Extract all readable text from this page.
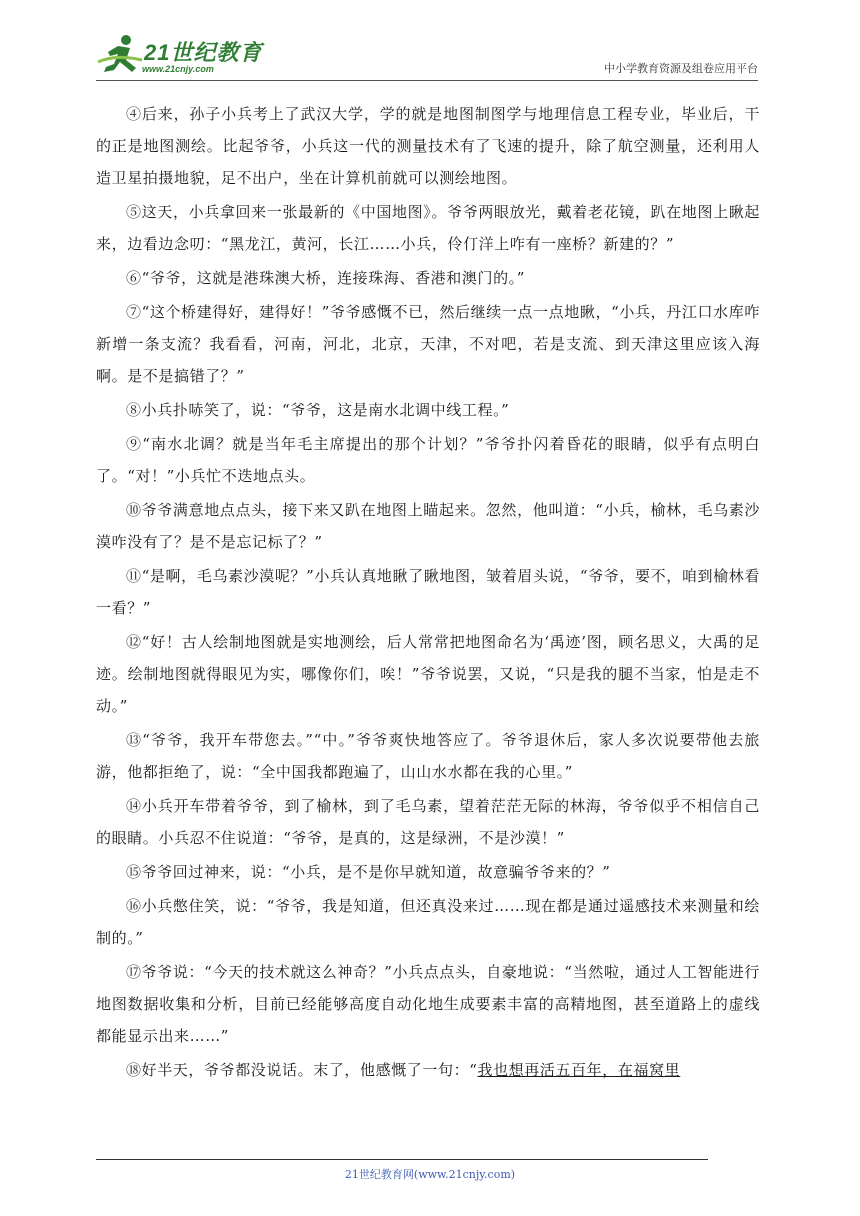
21世纪教育
www.21cnjy.com	中小学教育资源及组卷应用平台

④后来，孙子小兵考上了武汉大学，学的就是地图制图学与地理信息工程专业，毕业后，干的正是地图测绘。比起爷爷，小兵这一代的测量技术有了飞速的提升，除了航空测量，还利用人造卫星拍摄地貌，足不出户，坐在计算机前就可以测绘地图。

⑤这天，小兵拿回来一张最新的《中国地图》。爷爷两眼放光，戴着老花镜，趴在地图上瞅起来，边看边念叨：“黑龙江，黄河，长江……小兵，伶仃洋上咋有一座桥？新建的？”

⑥“爷爷，这就是港珠澳大桥，连接珠海、香港和澳门的。”

⑦“这个桥建得好，建得好！”爷爷感慨不已，然后继续一点一点地瞅，“小兵，丹江口水库咋新增一条支流？我看看，河南，河北，北京，天津，不对吧，若是支流、到天津这里应该入海啊。是不是搞错了？”

⑧小兵扑哧笑了，说：“爷爷，这是南水北调中线工程。”

⑨“南水北调？就是当年毛主席提出的那个计划？”爷爷扑闪着昏花的眼睛，似乎有点明白了。“对！”小兵忙不迭地点头。

⑩爷爷满意地点点头，接下来又趴在地图上瞄起来。忽然，他叫道：“小兵，榆林，毛乌素沙漠咋没有了？是不是忘记标了？”

⑪“是啊，毛乌素沙漠呢？”小兵认真地瞅了瞅地图，皱着眉头说，“爷爷，要不，咱到榆林看一看？”

⑫“好！古人绘制地图就是实地测绘，后人常常把地图命名为‘禹迹’图，顾名思义，大禹的足迹。绘制地图就得眼见为实，哪像你们，唉！”爷爷说罢，又说，“只是我的腿不当家，怕是走不动。”

⑬“爷爷，我开车带您去。”“中。”爷爷爽快地答应了。爷爷退休后，家人多次说要带他去旅游，他都拒绝了，说：“全中国我都跑遍了，山山水水都在我的心里。”

⑭小兵开车带着爷爷，到了榆林，到了毛乌素，望着茫茫无际的林海，爷爷似乎不相信自己的眼睛。小兵忍不住说道：“爷爷，是真的，这是绿洲，不是沙漠！”

⑮爷爷回过神来，说：“小兵，是不是你早就知道，故意骗爷爷来的？”

⑯小兵憋住笑，说：“爷爷，我是知道，但还真没来过……现在都是通过遥感技术来测量和绘制的。”

⑰爷爷说：“今天的技术就这么神奇？”小兵点点头，自豪地说：“当然啦，通过人工智能进行地图数据收集和分析，目前已经能够高度自动化地生成要素丰富的高精地图，甚至道路上的虚线都能显示出来……”

⑱好半天，爷爷都没说话。末了，他感慨了一句：“我也想再活五百年，在福窝里

21世纪教育网(www.21cnjy.com)
